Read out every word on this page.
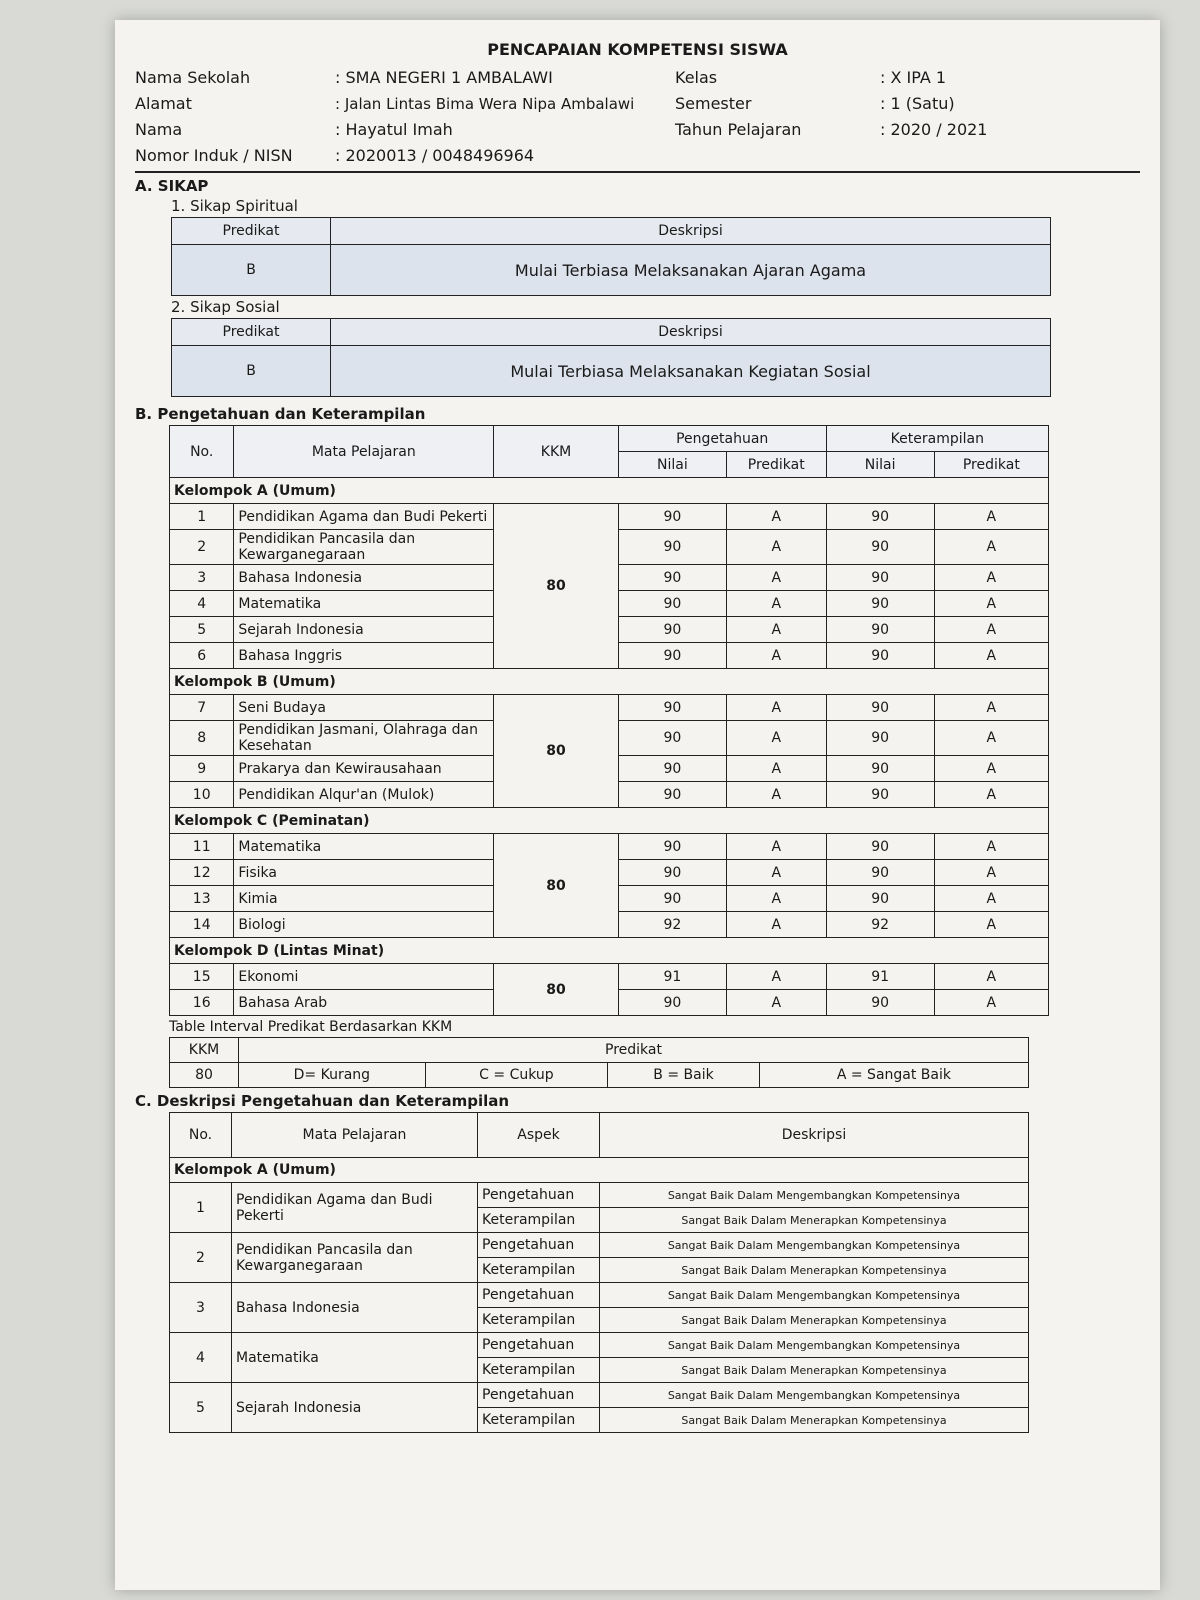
PENCAPAIAN KOMPETENSI SISWA
Nama Sekolah	: SMA NEGERI 1 AMBALAWI	Kelas	: X IPA 1
Alamat	: Jalan Lintas Bima Wera Nipa Ambalawi	Semester	: 1 (Satu)
Nama	: Hayatul Imah	Tahun Pelajaran	: 2020 / 2021
Nomor Induk / NISN	: 2020013 / 0048496964
A. SIKAP
1. Sikap Spiritual
Predikat	Deskripsi
B	Mulai Terbiasa Melaksanakan Ajaran Agama
2. Sikap Sosial
Predikat	Deskripsi
B	Mulai Terbiasa Melaksanakan Kegiatan Sosial
B. Pengetahuan dan Keterampilan
No.	Mata Pelajaran	KKM	Pengetahuan		Keterampilan	
			Nilai	Predikat	Nilai	Predikat
Kelompok A (Umum)						
1	Pendidikan Agama dan Budi Pekerti	80	90	A	90	A
2	Pendidikan Pancasila dan Kewarganegaraan		90	A	90	A
3	Bahasa Indonesia		90	A	90	A
4	Matematika		90	A	90	A
5	Sejarah Indonesia		90	A	90	A
6	Bahasa Inggris		90	A	90	A
Kelompok B (Umum)						
7	Seni Budaya	80	90	A	90	A
8	Pendidikan Jasmani, Olahraga dan Kesehatan		90	A	90	A
9	Prakarya dan Kewirausahaan		90	A	90	A
10	Pendidikan Alqur'an (Mulok)		90	A	90	A
Kelompok C (Peminatan)						
11	Matematika	80	90	A	90	A
12	Fisika		90	A	90	A
13	Kimia		90	A	90	A
14	Biologi		92	A	92	A
Kelompok D (Lintas Minat)						
15	Ekonomi	80	91	A	91	A
16	Bahasa Arab		90	A	90	A
Table Interval Predikat Berdasarkan KKM
KKM	Predikat			
80	D= Kurang	C = Cukup	B = Baik	A = Sangat Baik
C. Deskripsi Pengetahuan dan Keterampilan
No.	Mata Pelajaran	Aspek	Deskripsi
Kelompok A (Umum)			
1	Pendidikan Agama dan Budi Pekerti	Pengetahuan	Sangat Baik Dalam Mengembangkan Kompetensinya
		Keterampilan	Sangat Baik Dalam Menerapkan Kompetensinya
2	Pendidikan Pancasila dan Kewarganegaraan	Pengetahuan	Sangat Baik Dalam Mengembangkan Kompetensinya
		Keterampilan	Sangat Baik Dalam Menerapkan Kompetensinya
3	Bahasa Indonesia	Pengetahuan	Sangat Baik Dalam Mengembangkan Kompetensinya
		Keterampilan	Sangat Baik Dalam Menerapkan Kompetensinya
4	Matematika	Pengetahuan	Sangat Baik Dalam Mengembangkan Kompetensinya
		Keterampilan	Sangat Baik Dalam Menerapkan Kompetensinya
5	Sejarah Indonesia	Pengetahuan	Sangat Baik Dalam Mengembangkan Kompetensinya
		Keterampilan	Sangat Baik Dalam Menerapkan Kompetensinya
